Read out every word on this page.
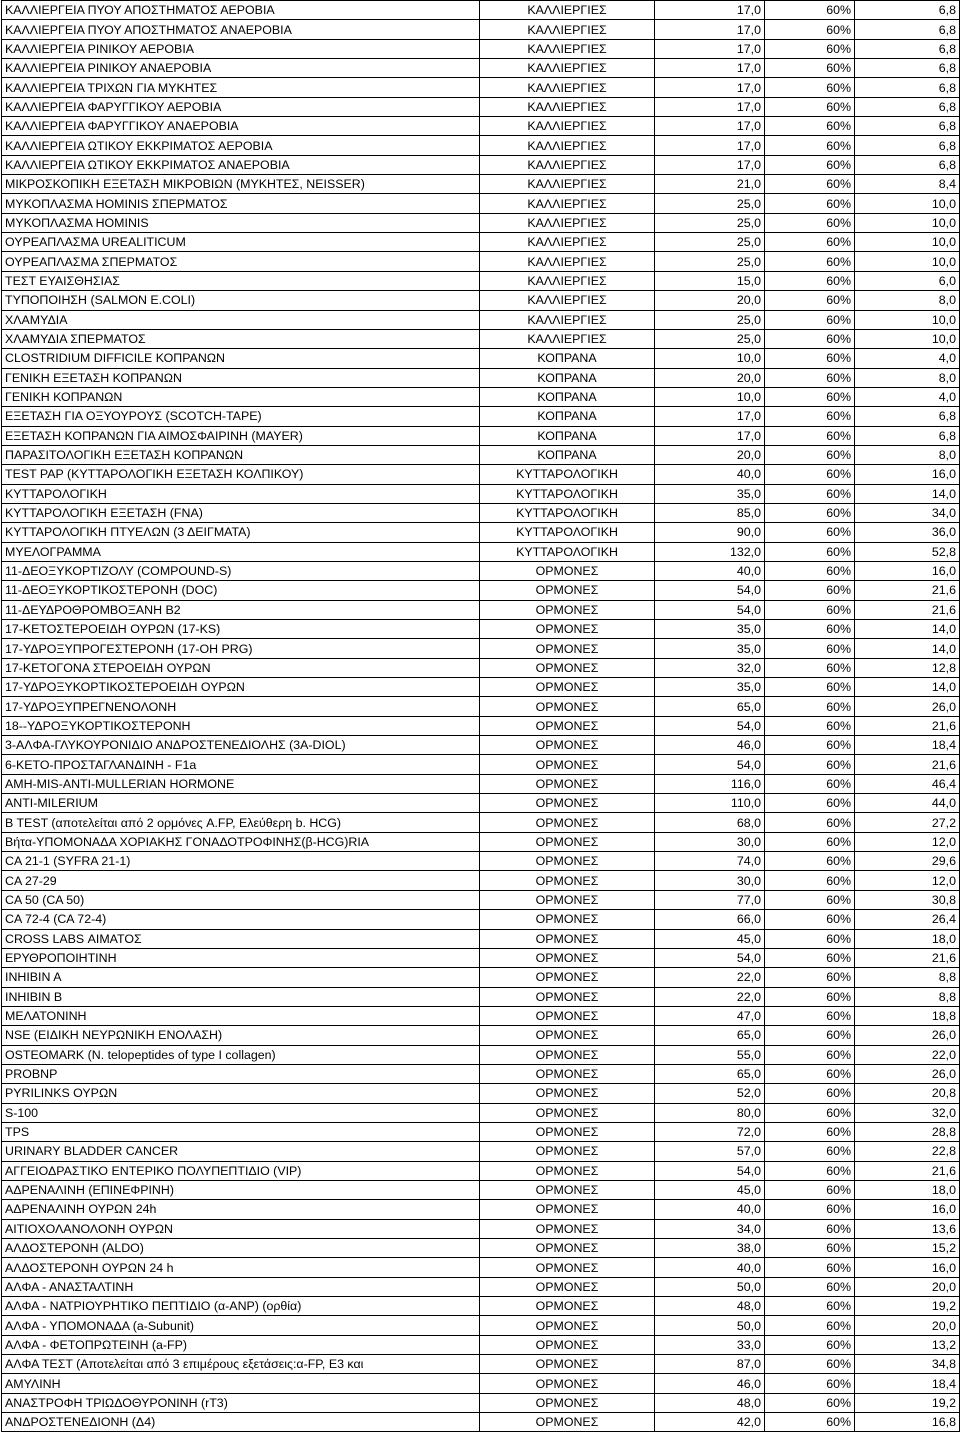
ΚΑΛΛΙΕΡΓΕΙΑ ΠΥΟΥ ΑΠΟΣΤΗΜΑΤΟΣ ΑΕΡΟΒΙΑ	ΚΑΛΛΙΕΡΓΙΕΣ	17,0	60%	6,8
ΚΑΛΛΙΕΡΓΕΙΑ ΠΥΟΥ ΑΠΟΣΤΗΜΑΤΟΣ ΑΝΑΕΡΟΒΙΑ	ΚΑΛΛΙΕΡΓΙΕΣ	17,0	60%	6,8
ΚΑΛΛΙΕΡΓΕΙΑ ΡΙΝΙΚΟΥ ΑΕΡΟΒΙΑ	ΚΑΛΛΙΕΡΓΙΕΣ	17,0	60%	6,8
ΚΑΛΛΙΕΡΓΕΙΑ ΡΙΝΙΚΟΥ ΑΝΑΕΡΟΒΙΑ	ΚΑΛΛΙΕΡΓΙΕΣ	17,0	60%	6,8
ΚΑΛΛΙΕΡΓΕΙΑ ΤΡΙΧΩΝ ΓΙΑ ΜΥΚΗΤΕΣ	ΚΑΛΛΙΕΡΓΙΕΣ	17,0	60%	6,8
ΚΑΛΛΙΕΡΓΕΙΑ ΦΑΡΥΓΓΙΚΟΥ ΑΕΡΟΒΙΑ	ΚΑΛΛΙΕΡΓΙΕΣ	17,0	60%	6,8
ΚΑΛΛΙΕΡΓΕΙΑ ΦΑΡΥΓΓΙΚΟΥ ΑΝΑΕΡΟΒΙΑ	ΚΑΛΛΙΕΡΓΙΕΣ	17,0	60%	6,8
ΚΑΛΛΙΕΡΓΕΙΑ ΩΤΙΚΟΥ ΕΚΚΡΙΜΑΤΟΣ ΑΕΡΟΒΙΑ	ΚΑΛΛΙΕΡΓΙΕΣ	17,0	60%	6,8
ΚΑΛΛΙΕΡΓΕΙΑ ΩΤΙΚΟΥ ΕΚΚΡΙΜΑΤΟΣ ΑΝΑΕΡΟΒΙΑ	ΚΑΛΛΙΕΡΓΙΕΣ	17,0	60%	6,8
ΜΙΚΡΟΣΚΟΠΙΚΗ ΕΞΕΤΑΣΗ ΜΙΚΡΟΒΙΩΝ (ΜΥΚΗΤΕΣ, NEISSER)	ΚΑΛΛΙΕΡΓΙΕΣ	21,0	60%	8,4
ΜΥΚΟΠΛΑΣΜΑ HOMINIS ΣΠΕΡΜΑΤΟΣ	ΚΑΛΛΙΕΡΓΙΕΣ	25,0	60%	10,0
ΜΥΚΟΠΛΑΣΜΑ HOMINIS	ΚΑΛΛΙΕΡΓΙΕΣ	25,0	60%	10,0
ΟΥΡΕΑΠΛΑΣΜΑ UREALITICUM	ΚΑΛΛΙΕΡΓΙΕΣ	25,0	60%	10,0
ΟΥΡΕΑΠΛΑΣΜΑ ΣΠΕΡΜΑΤΟΣ	ΚΑΛΛΙΕΡΓΙΕΣ	25,0	60%	10,0
ΤΕΣΤ ΕΥΑΙΣΘΗΣΙΑΣ	ΚΑΛΛΙΕΡΓΙΕΣ	15,0	60%	6,0
ΤΥΠΟΠΟΙΗΣΗ (SALMON E.COLI)	ΚΑΛΛΙΕΡΓΙΕΣ	20,0	60%	8,0
ΧΛΑΜΥΔΙΑ	ΚΑΛΛΙΕΡΓΙΕΣ	25,0	60%	10,0
ΧΛΑΜΥΔΙΑ ΣΠΕΡΜΑΤΟΣ	ΚΑΛΛΙΕΡΓΙΕΣ	25,0	60%	10,0
CLOSTRIDIUM DIFFICILE ΚΟΠΡΑΝΩΝ	ΚΟΠΡΑΝΑ	10,0	60%	4,0
ΓΕΝΙΚΗ ΕΞΕΤΑΣΗ ΚΟΠΡΑΝΩΝ	ΚΟΠΡΑΝΑ	20,0	60%	8,0
ΓΕΝΙΚΗ ΚΟΠΡΑΝΩΝ	ΚΟΠΡΑΝΑ	10,0	60%	4,0
ΕΞΕΤΑΣΗ ΓΙΑ ΟΞΥΟΥΡΟΥΣ (SCOTCH-TAPE)	ΚΟΠΡΑΝΑ	17,0	60%	6,8
ΕΞΕΤΑΣΗ ΚΟΠΡΑΝΩΝ ΓΙΑ ΑΙΜΟΣΦΑΙΡΙΝΗ (MAYER)	ΚΟΠΡΑΝΑ	17,0	60%	6,8
ΠΑΡΑΣΙΤΟΛΟΓΙΚΗ ΕΞΕΤΑΣΗ ΚΟΠΡΑΝΩΝ	ΚΟΠΡΑΝΑ	20,0	60%	8,0
TEST PAP (ΚΥΤΤΑΡΟΛΟΓΙΚΗ ΕΞΕΤΑΣΗ ΚΟΛΠΙΚΟΥ)	ΚΥΤΤΑΡΟΛΟΓΙΚΗ	40,0	60%	16,0
ΚΥΤΤΑΡΟΛΟΓΙΚΗ	ΚΥΤΤΑΡΟΛΟΓΙΚΗ	35,0	60%	14,0
ΚΥΤΤΑΡΟΛΟΓΙΚΗ ΕΞΕΤΑΣΗ (FNA)	ΚΥΤΤΑΡΟΛΟΓΙΚΗ	85,0	60%	34,0
ΚΥΤΤΑΡΟΛΟΓΙΚΗ ΠΤΥΕΛΩΝ (3 ΔΕΙΓΜΑΤΑ)	ΚΥΤΤΑΡΟΛΟΓΙΚΗ	90,0	60%	36,0
ΜΥΕΛΟΓΡΑΜΜΑ	ΚΥΤΤΑΡΟΛΟΓΙΚΗ	132,0	60%	52,8
11-ΔΕΟΞΥΚΟΡΤΙΖΟΛΥ (COMPOUND-S)	ΟΡΜΟΝΕΣ	40,0	60%	16,0
11-ΔΕΟΞΥΚΟΡΤΙΚΟΣΤΕΡΟΝΗ (DOC)	ΟΡΜΟΝΕΣ	54,0	60%	21,6
11-ΔΕΥΔΡΟΘΡΟΜΒΟΞΑΝΗ B2	ΟΡΜΟΝΕΣ	54,0	60%	21,6
17-ΚΕΤΟΣΤΕΡΟΕΙΔΗ ΟΥΡΩΝ (17-KS)	ΟΡΜΟΝΕΣ	35,0	60%	14,0
17-ΥΔΡΟΞΥΠΡΟΓΕΣΤΕΡΟΝΗ (17-OH PRG)	ΟΡΜΟΝΕΣ	35,0	60%	14,0
17-ΚΕΤΟΓΟΝΑ ΣΤΕΡΟΕΙΔΗ ΟΥΡΩΝ	ΟΡΜΟΝΕΣ	32,0	60%	12,8
17-ΥΔΡΟΞΥΚΟΡΤΙΚΟΣΤΕΡΟΕΙΔΗ ΟΥΡΩΝ	ΟΡΜΟΝΕΣ	35,0	60%	14,0
17-ΥΔΡΟΞΥΠΡΕΓΝΕΝΟΛΟΝΗ	ΟΡΜΟΝΕΣ	65,0	60%	26,0
18--ΥΔΡΟΞΥΚΟΡΤΙΚΟΣΤΕΡΟΝΗ	ΟΡΜΟΝΕΣ	54,0	60%	21,6
3-ΑΛΦΑ-ΓΛΥΚΟΥΡΟΝΙΔΙΟ ΑΝΔΡΟΣΤΕΝΕΔΙΟΛΗΣ (3A-DIOL)	ΟΡΜΟΝΕΣ	46,0	60%	18,4
6-ΚΕΤΟ-ΠΡΟΣΤΑΓΛΑΝΔΙΝΗ - F1a	ΟΡΜΟΝΕΣ	54,0	60%	21,6
AMH-MIS-ANTI-MULLERIAN HORMONE	ΟΡΜΟΝΕΣ	116,0	60%	46,4
ANTI-MILERIUM	ΟΡΜΟΝΕΣ	110,0	60%	44,0
B TEST (αποτελείται από 2 ορμόνες A.FP, Ελεύθερη b. HCG)	ΟΡΜΟΝΕΣ	68,0	60%	27,2
Βήτα-ΥΠΟΜΟΝΑΔΑ ΧΟΡΙΑΚΗΣ ΓΟΝΑΔΟΤΡΟΦΙΝΗΣ(β-HCG)RIA	ΟΡΜΟΝΕΣ	30,0	60%	12,0
CA 21-1 (SYFRA 21-1)	ΟΡΜΟΝΕΣ	74,0	60%	29,6
CA 27-29	ΟΡΜΟΝΕΣ	30,0	60%	12,0
CA 50 (CA 50)	ΟΡΜΟΝΕΣ	77,0	60%	30,8
CA 72-4 (CA 72-4)	ΟΡΜΟΝΕΣ	66,0	60%	26,4
CROSS LABS ΑΙΜΑΤΟΣ	ΟΡΜΟΝΕΣ	45,0	60%	18,0
ΕΡΥΘΡΟΠΟΙΗΤΙΝΗ	ΟΡΜΟΝΕΣ	54,0	60%	21,6
INHIBIN A	ΟΡΜΟΝΕΣ	22,0	60%	8,8
INHIBIN B	ΟΡΜΟΝΕΣ	22,0	60%	8,8
ΜΕΛΑΤΟΝΙΝΗ	ΟΡΜΟΝΕΣ	47,0	60%	18,8
NSE (ΕΙΔΙΚΗ ΝΕΥΡΩΝΙΚΗ ΕΝΟΛΑΣΗ)	ΟΡΜΟΝΕΣ	65,0	60%	26,0
OSTEOMARK (N. telopeptides of type I collagen)	ΟΡΜΟΝΕΣ	55,0	60%	22,0
PROBNP	ΟΡΜΟΝΕΣ	65,0	60%	26,0
PYRILINKS ΟΥΡΩΝ	ΟΡΜΟΝΕΣ	52,0	60%	20,8
S-100	ΟΡΜΟΝΕΣ	80,0	60%	32,0
TPS	ΟΡΜΟΝΕΣ	72,0	60%	28,8
URINARY BLADDER CANCER	ΟΡΜΟΝΕΣ	57,0	60%	22,8
ΑΓΓΕΙΟΔΡΑΣΤΙΚΟ ΕΝΤΕΡΙΚΟ ΠΟΛΥΠΕΠΤΙΔΙΟ (VIP)	ΟΡΜΟΝΕΣ	54,0	60%	21,6
ΑΔΡΕΝΑΛΙΝΗ (ΕΠΙΝΕΦΡΙΝΗ)	ΟΡΜΟΝΕΣ	45,0	60%	18,0
ΑΔΡΕΝΑΛΙΝΗ ΟΥΡΩΝ 24h	ΟΡΜΟΝΕΣ	40,0	60%	16,0
ΑΙΤΙΟΧΟΛΑΝΟΛΟΝΗ ΟΥΡΩΝ	ΟΡΜΟΝΕΣ	34,0	60%	13,6
ΑΛΔΟΣΤΕΡΟΝΗ (ALDO)	ΟΡΜΟΝΕΣ	38,0	60%	15,2
ΑΛΔΟΣΤΕΡΟΝΗ ΟΥΡΩΝ 24 h	ΟΡΜΟΝΕΣ	40,0	60%	16,0
ΑΛΦΑ - ΑΝΑΣΤΑΛΤΙΝΗ	ΟΡΜΟΝΕΣ	50,0	60%	20,0
ΑΛΦΑ - ΝΑΤΡΙΟΥΡΗΤΙΚΟ ΠΕΠΤΙΔΙΟ (α-ANP) (ορθία)	ΟΡΜΟΝΕΣ	48,0	60%	19,2
ΑΛΦΑ - ΥΠΟΜΟΝΑΔΑ (a-Subunit)	ΟΡΜΟΝΕΣ	50,0	60%	20,0
ΑΛΦΑ - ΦΕΤΟΠΡΩΤΕΙΝΗ (a-FP)	ΟΡΜΟΝΕΣ	33,0	60%	13,2
ΑΛΦΑ ΤΕΣΤ (Αποτελείται από 3 επιμέρους εξετάσεις:α-FP, E3 και	ΟΡΜΟΝΕΣ	87,0	60%	34,8
ΑΜΥΛΙΝΗ	ΟΡΜΟΝΕΣ	46,0	60%	18,4
ΑΝΑΣΤΡΟΦΗ ΤΡΙΩΔΟΘΥΡΟΝΙΝΗ (rT3)	ΟΡΜΟΝΕΣ	48,0	60%	19,2
ΑΝΔΡΟΣΤΕΝΕΔΙΟΝΗ (Δ4)	ΟΡΜΟΝΕΣ	42,0	60%	16,8
